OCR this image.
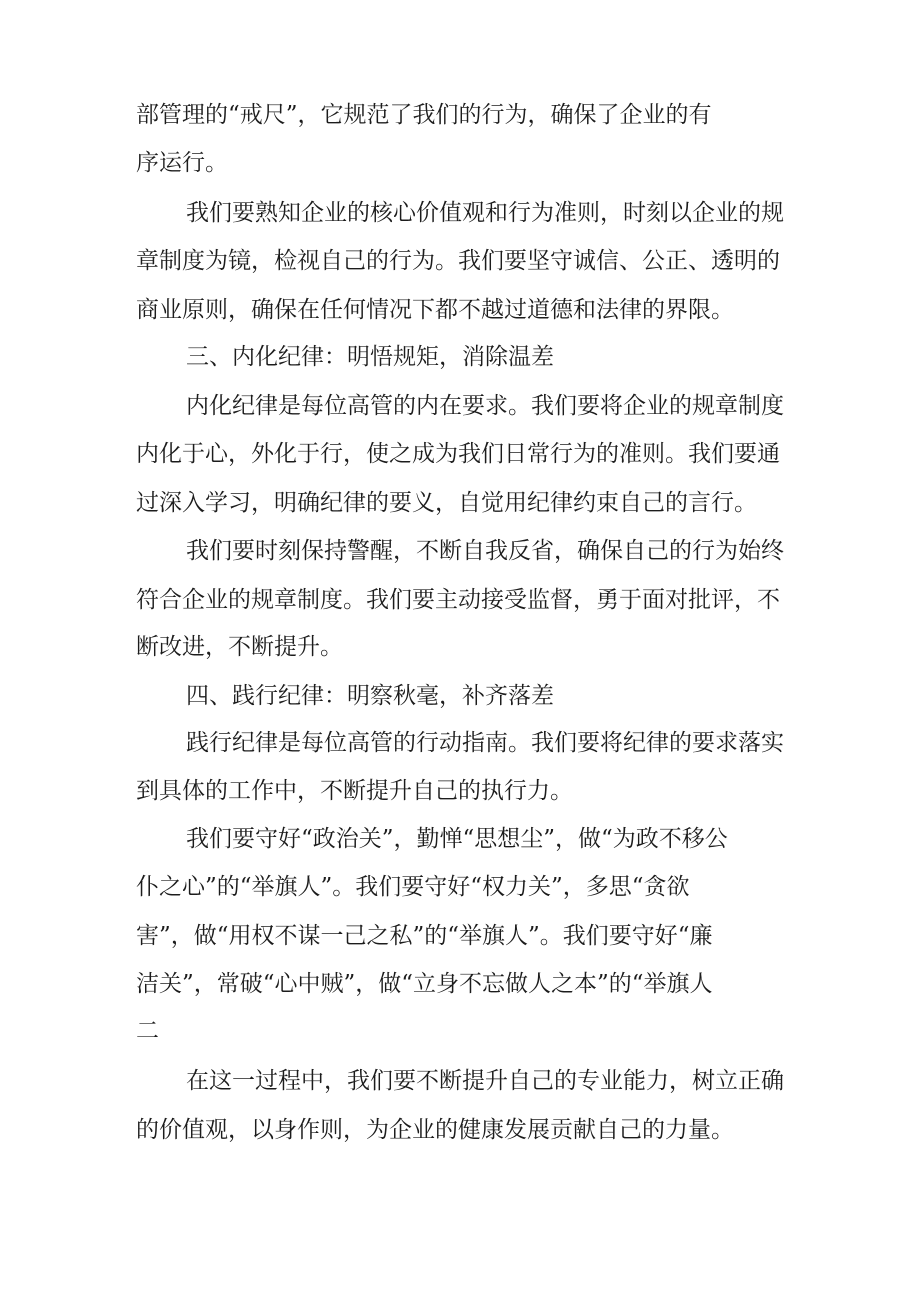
部管理的“戒尺”，它规范了我们的行为，确保了企业的有
序运行。
我们要熟知企业的核心价值观和行为准则，时刻以企业的规
章制度为镜，检视自己的行为。我们要坚守诚信、公正、透明的
商业原则，确保在任何情况下都不越过道德和法律的界限。
三、内化纪律：明悟规矩，消除温差
内化纪律是每位高管的内在要求。我们要将企业的规章制度
内化于心，外化于行，使之成为我们日常行为的准则。我们要通
过深入学习，明确纪律的要义，自觉用纪律约束自己的言行。
我们要时刻保持警醒，不断自我反省，确保自己的行为始终
符合企业的规章制度。我们要主动接受监督，勇于面对批评，不
断改进，不断提升。
四、践行纪律：明察秋毫，补齐落差
践行纪律是每位高管的行动指南。我们要将纪律的要求落实
到具体的工作中，不断提升自己的执行力。
我们要守好“政治关”，勤惮“思想尘”，做“为政不移公
仆之心”的“举旗人”。我们要守好“权力关”，多思“贪欲
害”，做“用权不谋一己之私”的“举旗人”。我们要守好“廉
洁关”，常破“心中贼”，做“立身不忘做人之本”的“举旗人
二
在这一过程中，我们要不断提升自己的专业能力，树立正确
的价值观，以身作则，为企业的健康发展贡献自己的力量。
